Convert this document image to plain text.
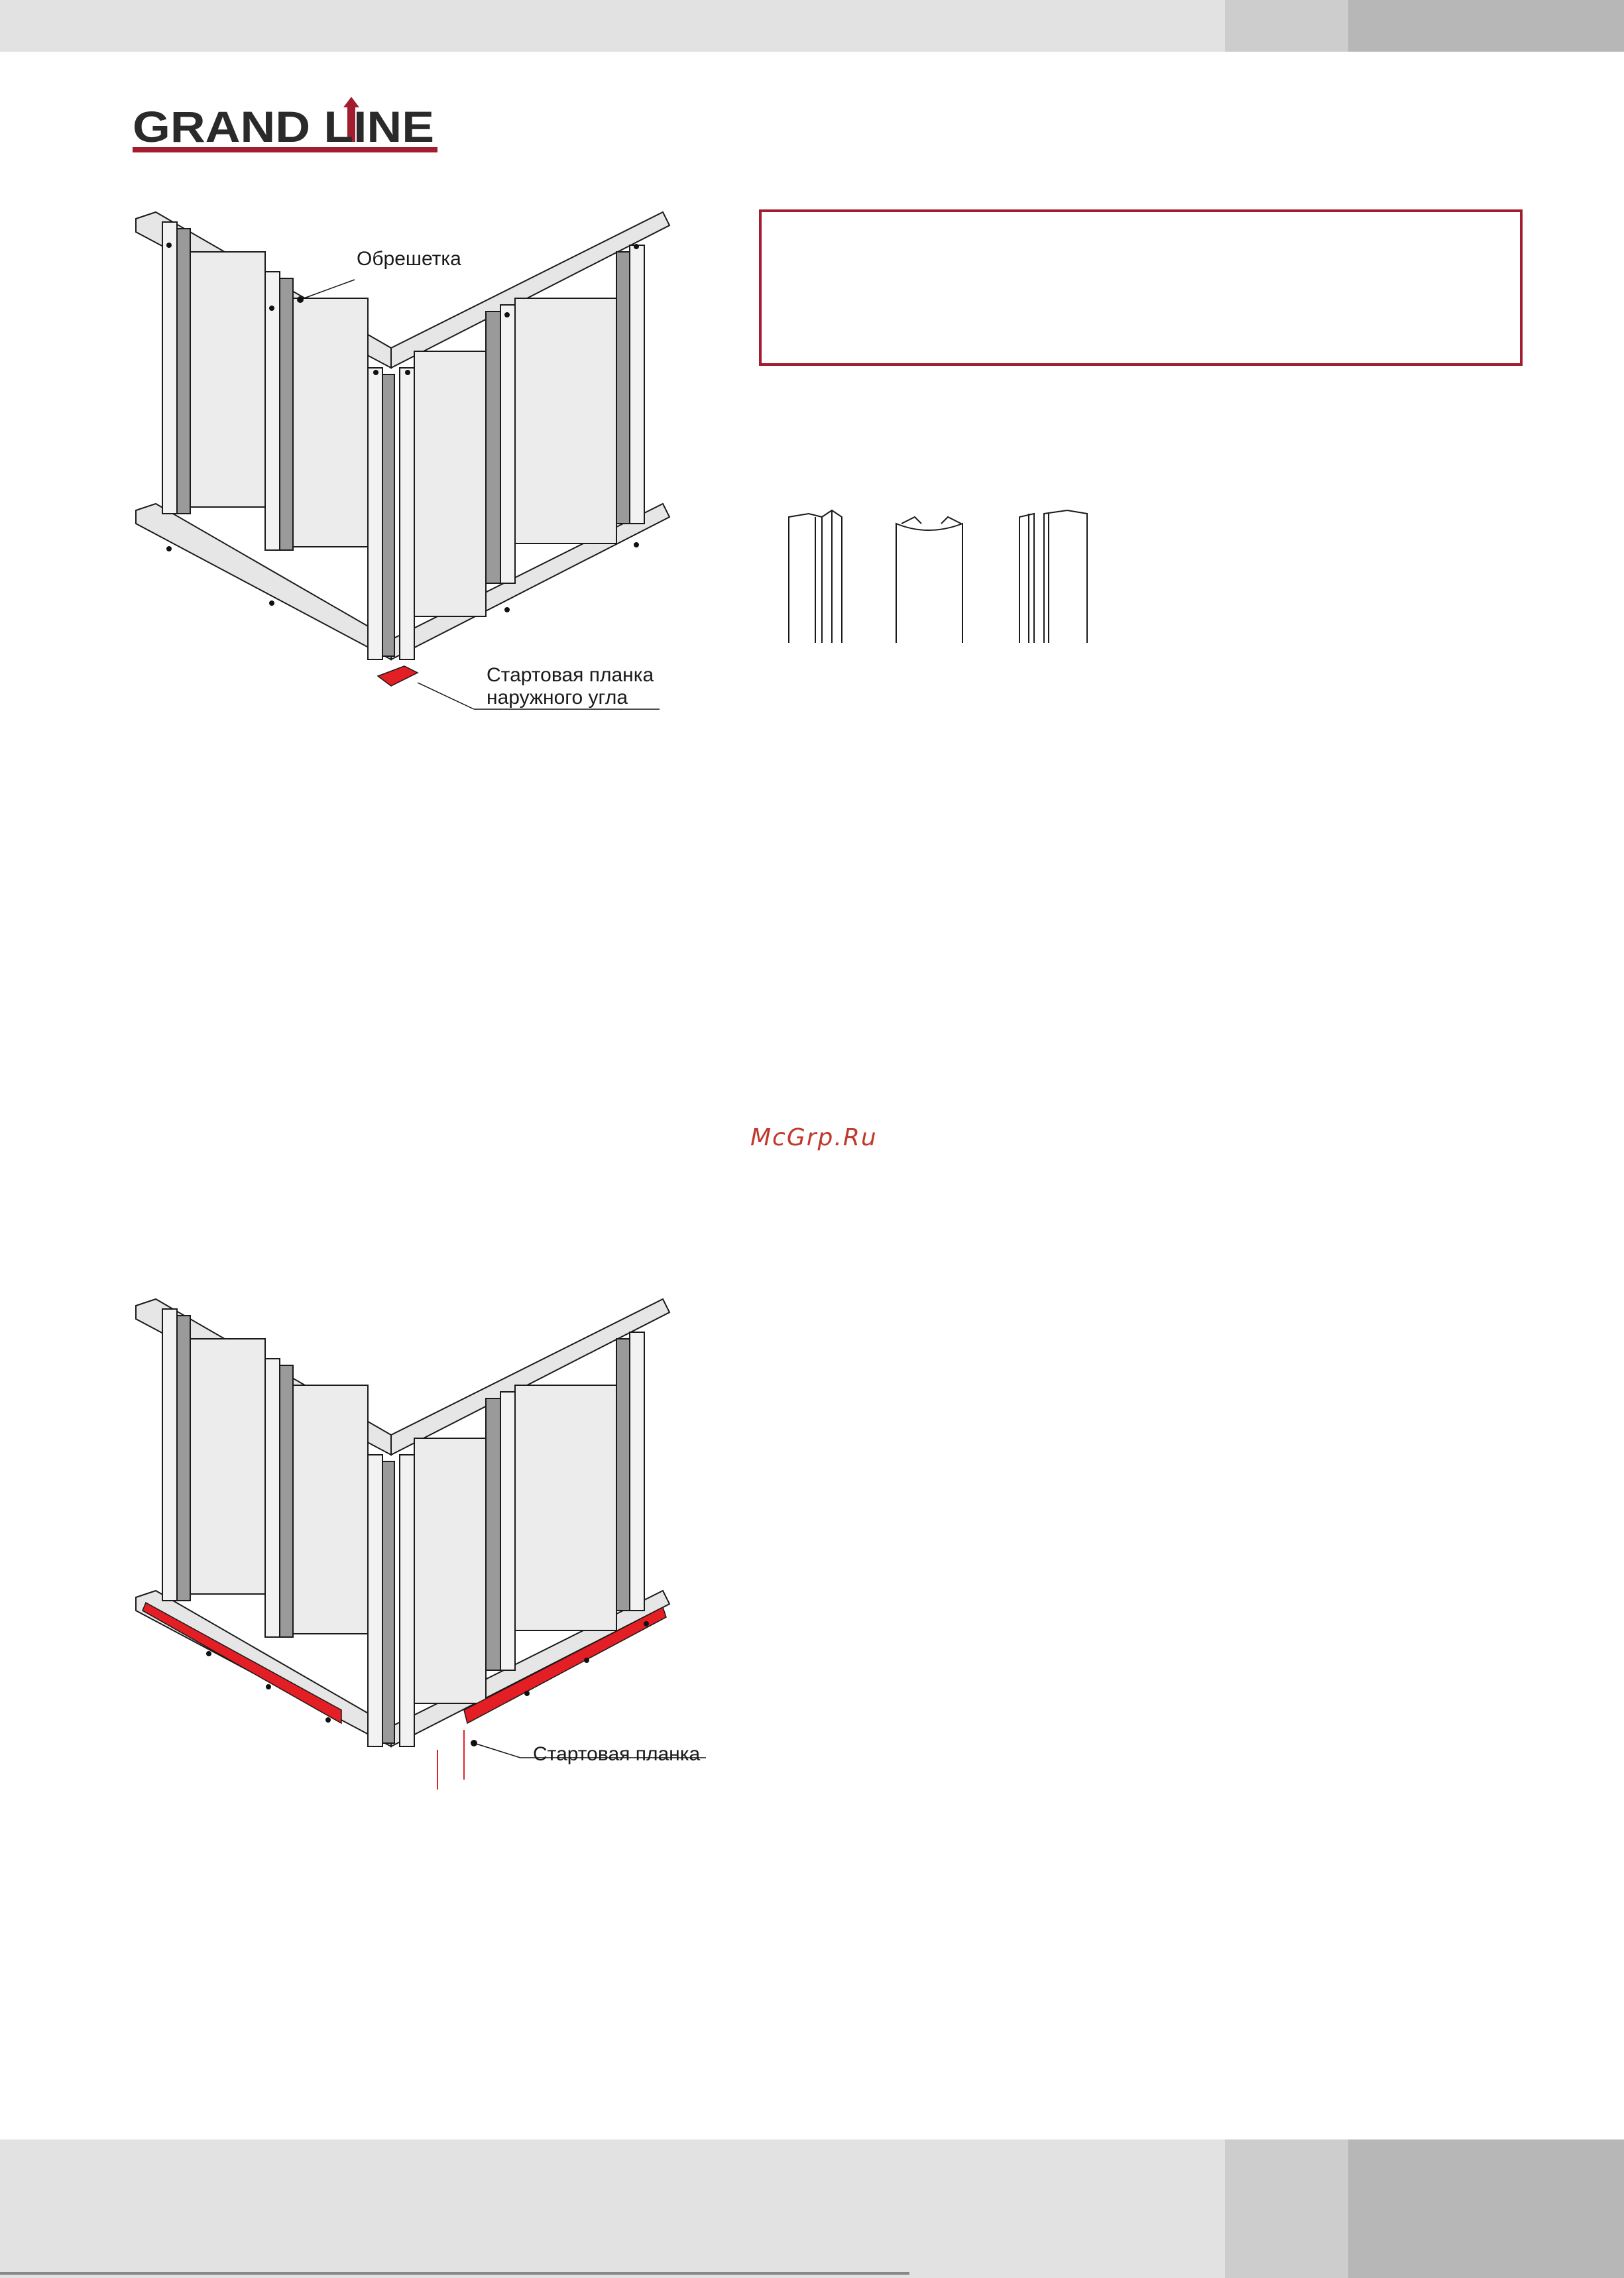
GRAND LINE
Обрешетка
Стартовая планка
наружного угла
McGrp.Ru
Стартовая планка
